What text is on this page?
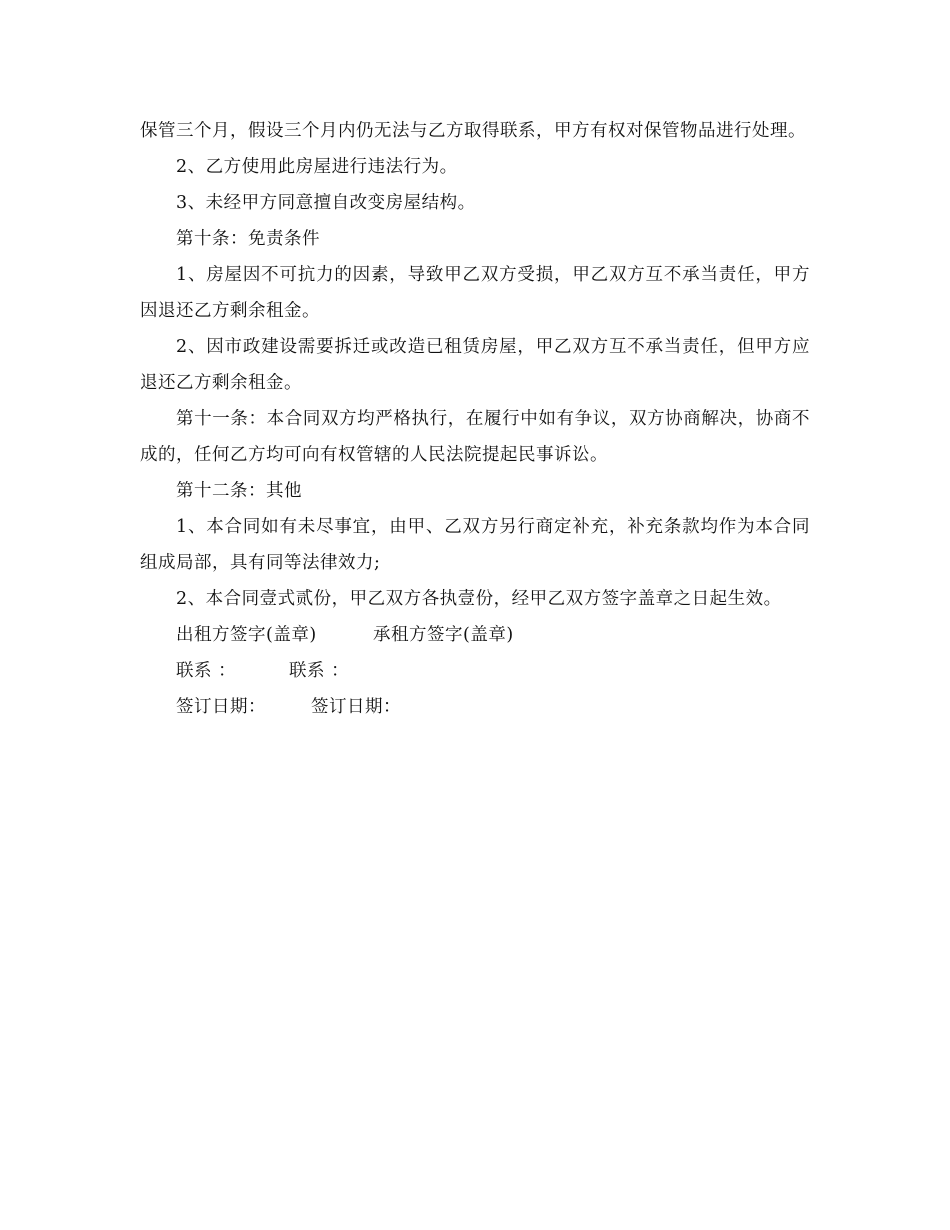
保管三个月，假设三个月内仍无法与乙方取得联系，甲方有权对保管物品进行处理。

2、乙方使用此房屋进行违法行为。

3、未经甲方同意擅自改变房屋结构。

第十条：免责条件

1、房屋因不可抗力的因素，导致甲乙双方受损，甲乙双方互不承当责任，甲方因退还乙方剩余租金。

2、因市政建设需要拆迁或改造已租赁房屋，甲乙双方互不承当责任，但甲方应退还乙方剩余租金。

第十一条：本合同双方均严格执行，在履行中如有争议，双方协商解决，协商不成的，任何乙方均可向有权管辖的人民法院提起民事诉讼。

第十二条：其他

1、本合同如有未尽事宜，由甲、乙双方另行商定补充，补充条款均作为本合同组成局部，具有同等法律效力;

2、本合同壹式贰份，甲乙双方各执壹份，经甲乙双方签字盖章之日起生效。

出租方签字(盖章)	承租方签字(盖章)

联系 ：	联系 ：

签订日期：	签订日期：
